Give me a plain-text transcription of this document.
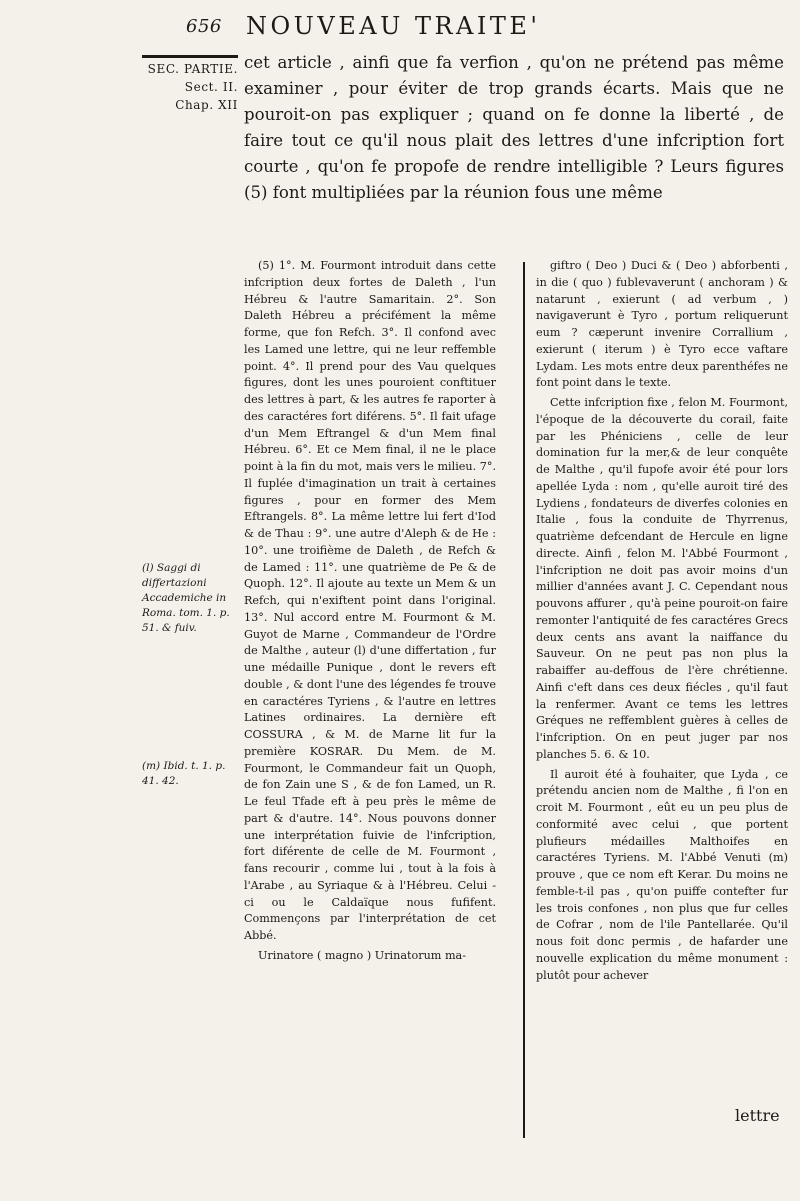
656 NOUVEAU TRAITE'
SEC. PARTIE.
Sect. II.
Chap. XII
cet article , ainfi que fa verfion , qu'on ne prétend pas même examiner , pour éviter de trop grands écarts. Mais que ne pouroit-on pas expliquer ; quand on fe donne la liberté , de faire tout ce qu'il nous plait des lettres d'une infcription fort courte , qu'on fe propofe de rendre intelligible ? Leurs figures (5) font multipliées par la réunion fous une même

(5) 1°. M. Fourmont introduit dans cette infcription deux fortes de Daleth , l'un Hébreu & l'autre Samaritain. 2°. Son Daleth Hébreu a précifément la même forme, que fon Refch. 3°. Il confond avec les Lamed une lettre, qui ne leur reffemble point. 4°. Il prend pour des Vau quelques figures, dont les unes pouroient conftituer des lettres à part, & les autres fe raporter à des caractéres fort diférens. 5°. Il fait ufage d'un Mem Eftrangel & d'un Mem final Hébreu. 6°. Et ce Mem final, il ne le place point à la fin du mot, mais vers le milieu. 7°. Il fuplée d'imagination un trait à certaines figures , pour en former des Mem Eftrangels. 8°. La même lettre lui fert d'Iod & de Thau : 9°. une autre d'Aleph & de He : 10°. une troifième de Daleth , de Refch & de Lamed : 11°. une quatrième de Pe & de Quoph. 12°. Il ajoute au texte un Mem & un Refch, qui n'exiftent point dans l'original. 13°. Nul accord entre M. Fourmont & M. Guyot de Marne , Commandeur de l'Ordre de Malthe , auteur (l) d'une differtation , fur une médaille Punique , dont le revers eft double , & dont l'une des légendes fe trouve en caractéres Tyriens , & l'autre en lettres Latines ordinaires. La dernière eft COSSURA , & M. de Marne lit fur la première KOSRAR. Du Mem. de M. Fourmont, le Commandeur fait un Quoph, de fon Zain une S , & de fon Lamed, un R. Le feul Tfade eft à peu près le même de part & d'autre. 14°. Nous pouvons donner une interprétation fuivie de l'infcription, fort diférente de celle de M. Fourmont , fans recourir , comme lui , tout à la fois à l'Arabe , au Syriaque & à l'Hébreu. Celui - ci ou le Caldaïque nous fufifent. Commençons par l'interprétation de cet Abbé.

Urinatore ( magno ) Urinatorum ma-

giftro ( Deo ) Duci & ( Deo ) abforbenti , in die ( quo ) fublevaverunt ( anchoram ) & natarunt , exierunt ( ad verbum , ) navigaverunt è Tyro , portum reliquerunt eum ? cæperunt invenire Corrallium , exierunt ( iterum ) è Tyro ecce vaftare Lydam. Les mots entre deux parenthéfes ne font point dans le texte.

Cette infcription fixe , felon M. Fourmont, l'époque de la découverte du corail, faite par les Phéniciens , celle de leur domination fur la mer,& de leur conquête de Malthe , qu'il fupofe avoir été pour lors apellée Lyda : nom , qu'elle auroit tiré des Lydiens , fondateurs de diverfes colonies en Italie , fous la conduite de Thyrrenus, quatrième defcendant de Hercule en ligne directe. Ainfi , felon M. l'Abbé Fourmont , l'infcription ne doit pas avoir moins d'un millier d'années avant J. C. Cependant nous pouvons affurer , qu'à peine pouroit-on faire remonter l'antiquité de fes caractéres Grecs deux cents ans avant la naiffance du Sauveur. On ne peut pas non plus la rabaiffer au-deffous de l'ère chrétienne. Ainfi c'eft dans ces deux fiécles , qu'il faut la renfermer. Avant ce tems les lettres Gréques ne reffemblent guères à celles de l'infcription. On en peut juger par nos planches 5. 6. & 10.

Il auroit été à fouhaiter, que Lyda , ce prétendu ancien nom de Malthe , fi l'on en croit M. Fourmont , eût eu un peu plus de conformité avec celui , que portent plufieurs médailles Malthoifes en caractéres Tyriens. M. l'Abbé Venuti (m) prouve , que ce nom eft Kerar. Du moins ne femble-t-il pas , qu'on puiffe contefter fur les trois confones , non plus que fur celles de Cofrar , nom de l'ile Pantellarée. Qu'il nous foit donc permis , de hafarder une nouvelle explication du même monument : plutôt pour achever

(l) Saggi di differtazioni Accademiche in Roma. tom. 1. p. 51. & fuiv.
(m) Ibid. t. 1. p. 41. 42.
lettre
